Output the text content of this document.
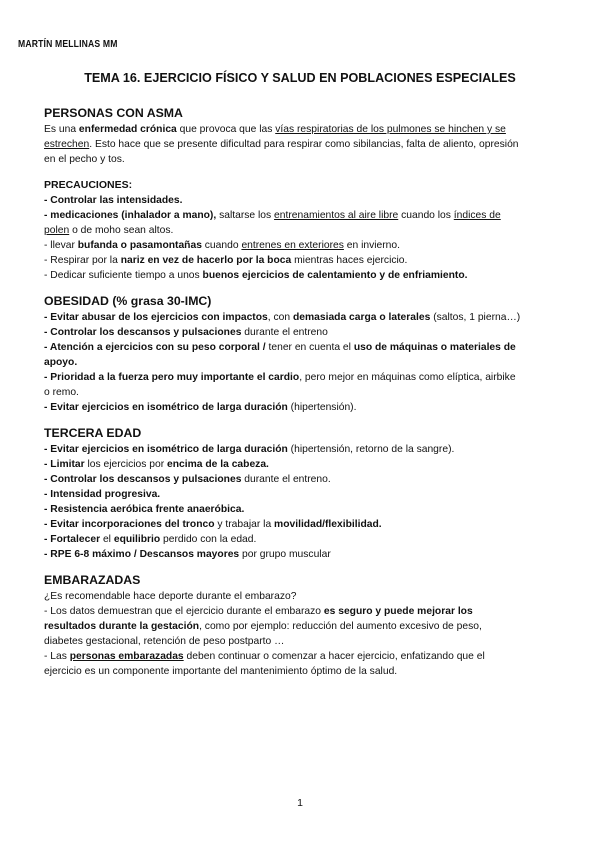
MARTÍN MELLINAS MM
TEMA 16. EJERCICIO FÍSICO Y SALUD EN POBLACIONES ESPECIALES
PERSONAS CON ASMA

Es una enfermedad crónica que provoca que las vías respiratorias de los pulmones se hinchen y se

estrechen. Esto hace que se presente dificultad para respirar como sibilancias, falta de aliento, opresión

en el pecho y tos.

PRECAUCIONES:

- Controlar las intensidades.

- medicaciones (inhalador a mano), saltarse los entrenamientos al aire libre cuando los índices de

polen o de moho sean altos.

- llevar bufanda o pasamontañas cuando entrenes en exteriores en invierno.

- Respirar por la nariz en vez de hacerlo por la boca mientras haces ejercicio.

- Dedicar suficiente tiempo a unos buenos ejercicios de calentamiento y de enfriamiento.

OBESIDAD (% grasa 30-IMC)

- Evitar abusar de los ejercicios con impactos, con demasiada carga o laterales (saltos, 1 pierna…)

- Controlar los descansos y pulsaciones durante el entreno

- Atención a ejercicios con su peso corporal / tener en cuenta el uso de máquinas o materiales de

apoyo.

- Prioridad a la fuerza pero muy importante el cardio, pero mejor en máquinas como elíptica, airbike

o remo.

- Evitar ejercicios en isométrico de larga duración (hipertensión).

TERCERA EDAD

- Evitar ejercicios en isométrico de larga duración (hipertensión, retorno de la sangre).

- Limitar los ejercicios por encima de la cabeza.

- Controlar los descansos y pulsaciones durante el entreno.

- Intensidad progresiva.

- Resistencia aeróbica frente anaeróbica.

- Evitar incorporaciones del tronco y trabajar la movilidad/flexibilidad.

- Fortalecer el equilibrio perdido con la edad.

- RPE 6-8 máximo / Descansos mayores por grupo muscular

EMBARAZADAS

¿Es recomendable hace deporte durante el embarazo?

- Los datos demuestran que el ejercicio durante el embarazo es seguro y puede mejorar los

resultados durante la gestación, como por ejemplo: reducción del aumento excesivo de peso,

diabetes gestacional, retención de peso postparto …

- Las personas embarazadas deben continuar o comenzar a hacer ejercicio, enfatizando que el

ejercicio es un componente importante del mantenimiento óptimo de la salud.

1
